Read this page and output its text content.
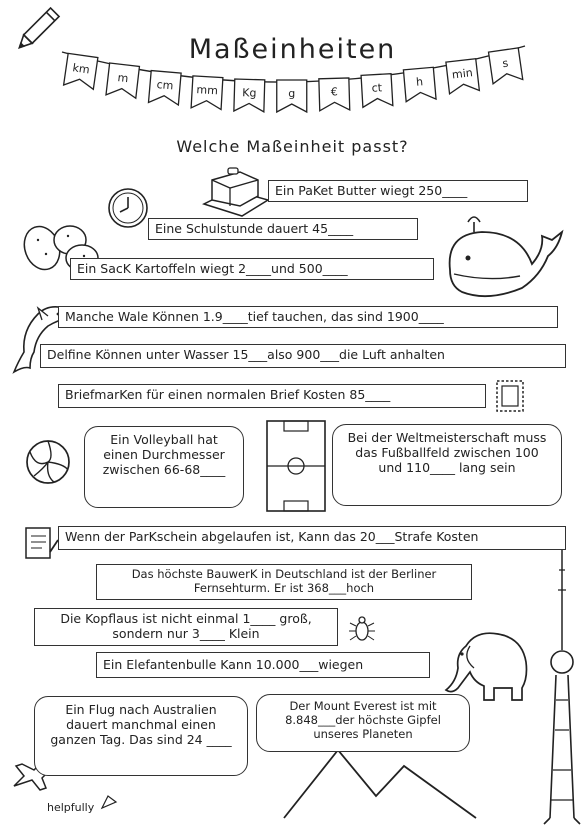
Maßeinheiten
km
m cm mm Kg	g	€	ct	h
min
s
Welche Maßeinheit passt?
Ein PaKet Butter wiegt 250____
Eine Schulstunde dauert 45____
Ein SacK Kartoffeln wiegt 2____und 500____
Manche Wale Können 1.9____tief tauchen, das sind 1900____
Delfine Können unter Wasser 15___also 900___die Luft anhalten
BriefmarKen für einen normalen Brief Kosten 85____
Ein Volleyball hat einen Durchmesser zwischen 66-68____
Bei der Weltmeisterschaft muss das Fußballfeld zwischen 100 und 110____ lang sein
Wenn der ParKschein abgelaufen ist, Kann das 20___Strafe Kosten
Das höchste BauwerK in Deutschland ist der Berliner Fernsehturm. Er ist 368___hoch
Die Kopflaus ist nicht einmal 1____ groß, sondern nur 3____ Klein
Ein Elefantenbulle Kann 10.000___wiegen
Ein Flug nach Australien dauert manchmal einen ganzen Tag. Das sind 24 ____
Der Mount Everest ist mit 8.848___der höchste Gipfel unseres Planeten
helpfully
